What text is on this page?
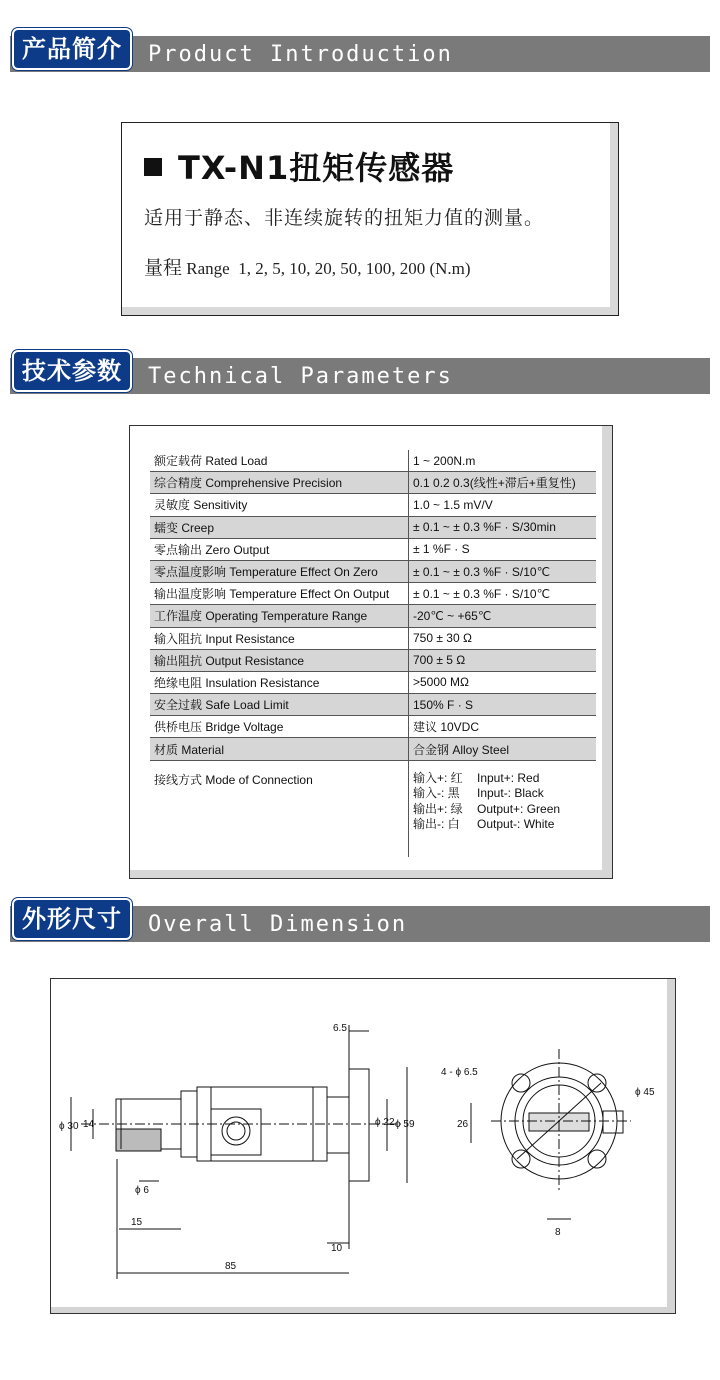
产品简介	Product Introduction
TX-N1扭矩传感器
适用于静态、非连续旋转的扭矩力值的测量。
量程 Range 1, 2, 5, 10, 20, 50, 100, 200 (N.m)
技术参数	Technical Parameters
额定载荷 Rated Load	1 ~ 200N.m
综合精度 Comprehensive Precision	0.1 0.2 0.3(线性+滞后+重复性)
灵敏度 Sensitivity	1.0 ~ 1.5 mV/V
蠕变 Creep	± 0.1 ~ ± 0.3 %F · S/30min
零点输出 Zero Output	± 1 %F · S
零点温度影响 Temperature Effect On Zero	± 0.1 ~ ± 0.3 %F · S/10℃
输出温度影响 Temperature Effect On Output	± 0.1 ~ ± 0.3 %F · S/10℃
工作温度 Operating Temperature Range	-20℃ ~ +65℃
输入阻抗 Input Resistance	750 ± 30 Ω
输出阻抗 Output Resistance	700 ± 5 Ω
绝缘电阻 Insulation Resistance	>5000 MΩ
安全过载 Safe Load Limit	150% F · S
供桥电压 Bridge Voltage	建议 10VDC
材质 Material	合金钢 Alloy Steel
接线方式 Mode of Connection	输入+: 红 Input+: Red
输入-: 黑 Input-: Black
输出+: 绿 Output+: Green
输出-: 白 Output-: White
外形尺寸	Overall Dimension
ϕ 30 14
ϕ 6
15
85
6.5
ϕ 22 ϕ 59
10
4 - ϕ 6.5
ϕ 45
26
8
